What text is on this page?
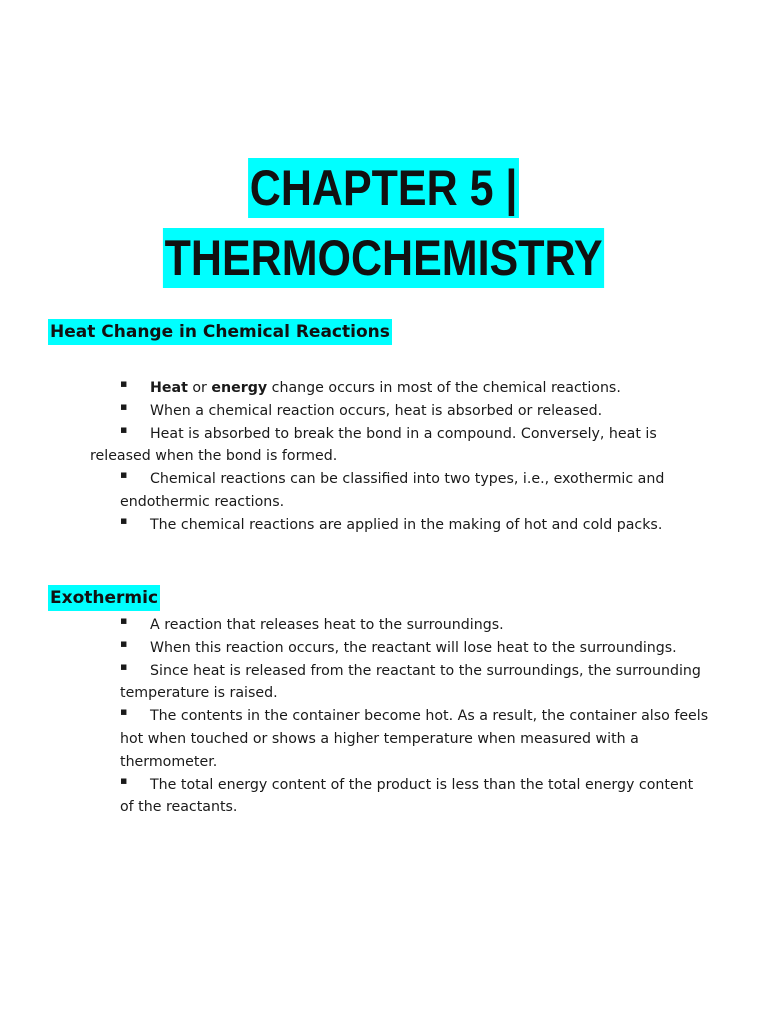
CHAPTER 5 |
THERMOCHEMISTRY
Heat Change in Chemical Reactions
▪ Heat or energy change occurs in most of the chemical reactions.
▪ When a chemical reaction occurs, heat is absorbed or released.
▪ Heat is absorbed to break the bond in a compound. Conversely, heat is released when the bond is formed.
▪ Chemical reactions can be classified into two types, i.e., exothermic and endothermic reactions.
▪ The chemical reactions are applied in the making of hot and cold packs.
Exothermic
▪ A reaction that releases heat to the surroundings.
▪ When this reaction occurs, the reactant will lose heat to the surroundings.
▪ Since heat is released from the reactant to the surroundings, the surrounding temperature is raised.
▪ The contents in the container become hot. As a result, the container also feels hot when touched or shows a higher temperature when measured with a thermometer.
▪ The total energy content of the product is less than the total energy content of the reactants.
